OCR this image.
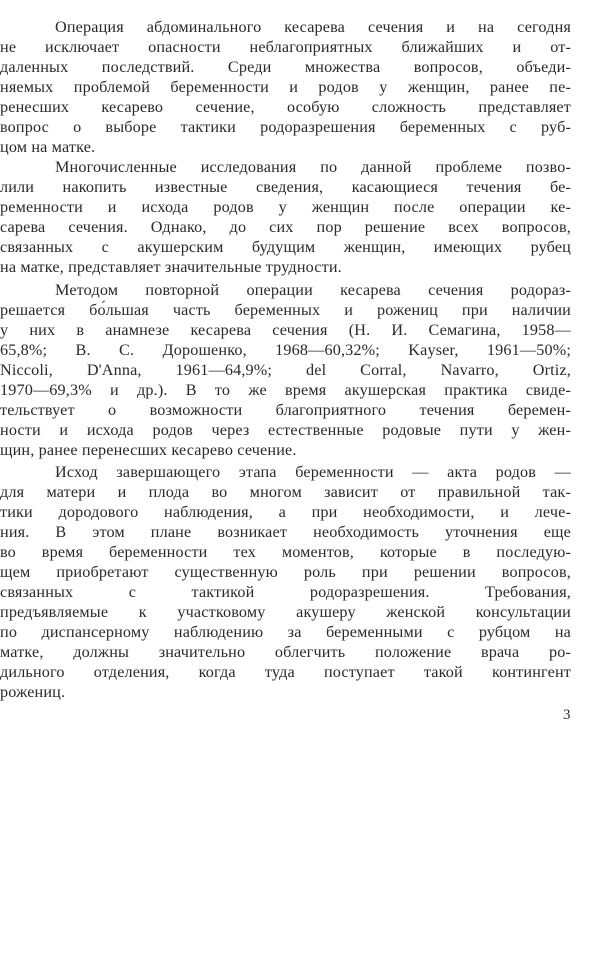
Операция абдоминального кесарева сечения и на сегодня
не исключает опасности неблагоприятных ближайших и от-
даленных последствий. Среди множества вопросов, объеди-
няемых проблемой беременности и родов у женщин, ранее пе-
ренесших кесарево сечение, особую сложность представляет
вопрос о выборе тактики родоразрешения беременных с руб-
цом на матке.
Многочисленные исследования по данной проблеме позво-
лили накопить известные сведения, касающиеся течения бе-
ременности и исхода родов у женщин после операции ке-
сарева сечения. Однако, до сих пор решение всех вопросов,
связанных с акушерским будущим женщин, имеющих рубец
на матке, представляет значительные трудности.
Методом повторной операции кесарева сечения родораз-
решается бо́льшая часть беременных и рожениц при наличии
у них в анамнезе кесарева сечения (Н. И. Семагина, 1958—
65,8%; В. С. Дорошенко, 1968—60,32%; Kayser, 1961—50%;
Niccoli, D'Anna, 1961—64,9%; del Corral, Navarro, Ortiz,
1970—69,3% и др.). В то же время акушерская практика свиде-
тельствует о возможности благоприятного течения беремен-
ности и исхода родов через естественные родовые пути у жен-
щин, ранее перенесших кесарево сечение.
Исход завершающего этапа беременности — акта родов —
для матери и плода во многом зависит от правильной так-
тики дородового наблюдения, а при необходимости, и лече-
ния. В этом плане возникает необходимость уточнения еще
во время беременности тех моментов, которые в последую-
щем приобретают существенную роль при решении вопросов,
связанных с тактикой родоразрешения. Требования,
предъявляемые к участковому акушеру женской консультации
по диспансерному наблюдению за беременными с рубцом на
матке, должны значительно облегчить положение врача ро-
дильного отделения, когда туда поступает такой контингент
рожениц.
3
